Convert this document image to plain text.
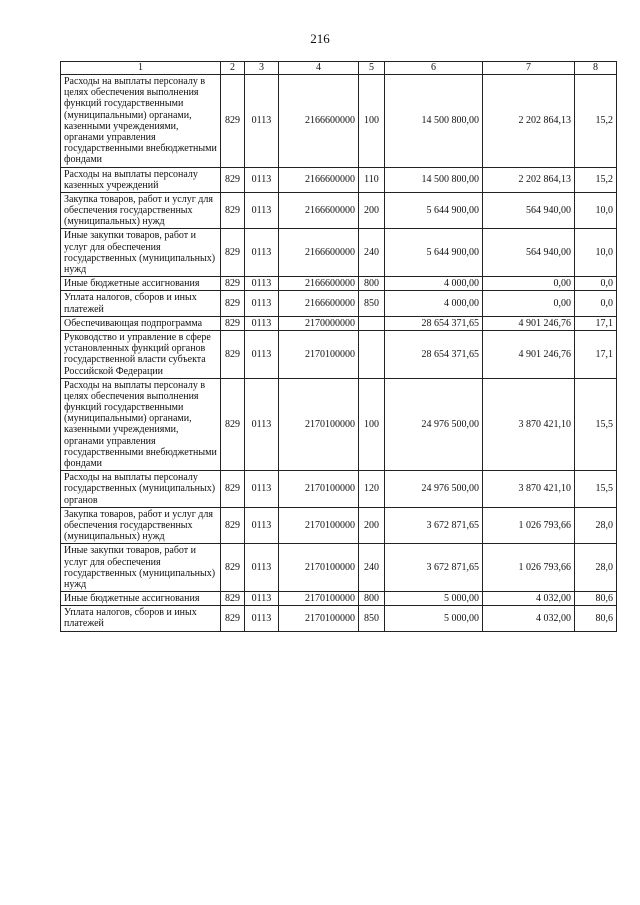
216
1	2	3	4	5	6	7	8
Расходы на выплаты персоналу в целях обеспечения выполнения функций государственными (муниципальными) органами, казенными учреждениями, органами управления государственными внебюджетными фондами	829	0113	2166600000	100	14 500 800,00	2 202 864,13	15,2
Расходы на выплаты персоналу казенных учреждений	829	0113	2166600000	110	14 500 800,00	2 202 864,13	15,2
Закупка товаров, работ и услуг для обеспечения государственных (муниципальных) нужд	829	0113	2166600000	200	5 644 900,00	564 940,00	10,0
Иные закупки товаров, работ и услуг для обеспечения государственных (муниципальных) нужд	829	0113	2166600000	240	5 644 900,00	564 940,00	10,0
Иные бюджетные ассигнования	829	0113	2166600000	800	4 000,00	0,00	0,0
Уплата налогов, сборов и иных платежей	829	0113	2166600000	850	4 000,00	0,00	0,0
Обеспечивающая подпрограмма	829	0113	2170000000		28 654 371,65	4 901 246,76	17,1
Руководство и управление в сфере установленных функций органов государственной власти субъекта Российской Федерации	829	0113	2170100000		28 654 371,65	4 901 246,76	17,1
Расходы на выплаты персоналу в целях обеспечения выполнения функций государственными (муниципальными) органами, казенными учреждениями, органами управления государственными внебюджетными фондами	829	0113	2170100000	100	24 976 500,00	3 870 421,10	15,5
Расходы на выплаты персоналу государственных (муниципальных) органов	829	0113	2170100000	120	24 976 500,00	3 870 421,10	15,5
Закупка товаров, работ и услуг для обеспечения государственных (муниципальных) нужд	829	0113	2170100000	200	3 672 871,65	1 026 793,66	28,0
Иные закупки товаров, работ и услуг для обеспечения государственных (муниципальных) нужд	829	0113	2170100000	240	3 672 871,65	1 026 793,66	28,0
Иные бюджетные ассигнования	829	0113	2170100000	800	5 000,00	4 032,00	80,6
Уплата налогов, сборов и иных платежей	829	0113	2170100000	850	5 000,00	4 032,00	80,6
